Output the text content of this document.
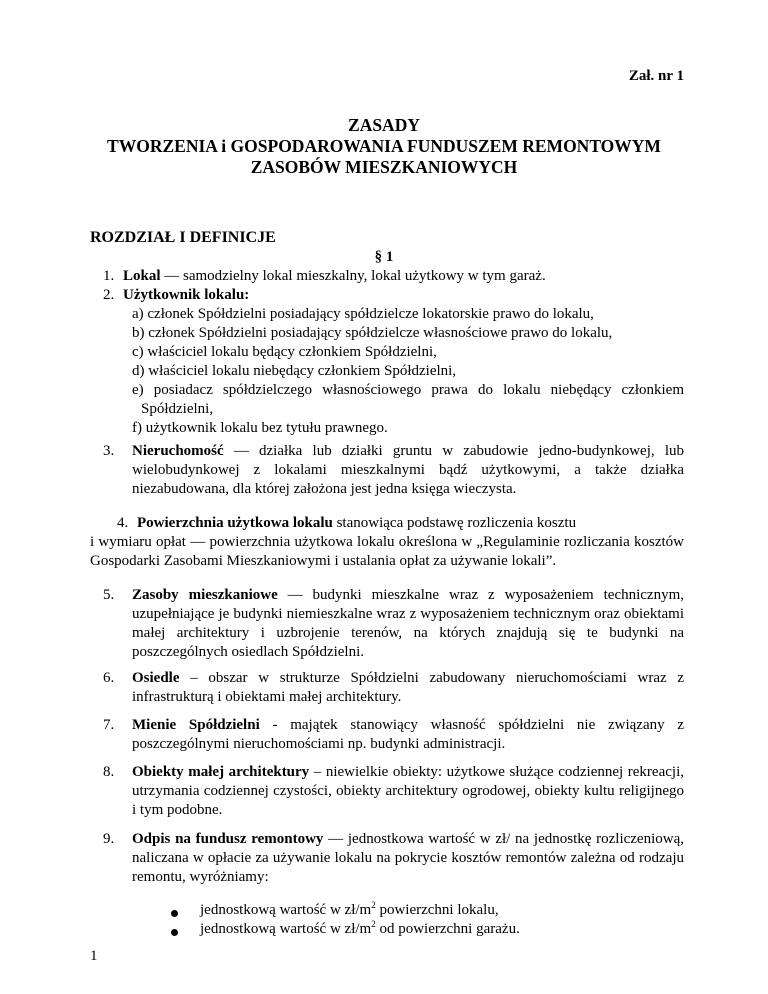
Zał. nr 1
ZASADY
TWORZENIA i GOSPODAROWANIA FUNDUSZEM REMONTOWYM
ZASOBÓW MIESZKANIOWYCH
ROZDZIAŁ I DEFINICJE
§ 1
1. Lokal — samodzielny lokal mieszkalny, lokal użytkowy w tym garaż.
2. Użytkownik lokalu:
a) członek Spółdzielni posiadający spółdzielcze lokatorskie prawo do lokalu,
b) członek Spółdzielni posiadający spółdzielcze własnościowe prawo do lokalu,
c) właściciel lokalu będący członkiem Spółdzielni,
d) właściciel lokalu niebędący członkiem Spółdzielni,
e) posiadacz spółdzielczego własnościowego prawa do lokalu niebędący członkiem
Spółdzielni,
f) użytkownik lokalu bez tytułu prawnego.
3. Nieruchomość — działka lub działki gruntu w zabudowie jedno-budynkowej, lub wielobudynkowej z lokalami mieszkalnymi bądź użytkowymi, a także działka niezabudowana, dla której założona jest jedna księga wieczysta.
4. Powierzchnia użytkowa lokalu stanowiąca podstawę rozliczenia kosztu
i wymiaru opłat — powierzchnia użytkowa lokalu określona w „Regulaminie rozliczania kosztów Gospodarki Zasobami Mieszkaniowymi i ustalania opłat za używanie lokali”.
5. Zasoby mieszkaniowe — budynki mieszkalne wraz z wyposażeniem technicznym, uzupełniające je budynki niemieszkalne wraz z wyposażeniem technicznym oraz obiektami małej architektury i uzbrojenie terenów, na których znajdują się te budynki na poszczególnych osiedlach Spółdzielni.
6. Osiedle – obszar w strukturze Spółdzielni zabudowany nieruchomościami wraz z infrastrukturą i obiektami małej architektury.
7. Mienie Spółdzielni - majątek stanowiący własność spółdzielni nie związany z poszczególnymi nieruchomościami np. budynki administracji.
8. Obiekty małej architektury – niewielkie obiekty: użytkowe służące codziennej rekreacji, utrzymania codziennej czystości, obiekty architektury ogrodowej, obiekty kultu religijnego i tym podobne.
9. Odpis na fundusz remontowy — jednostkowa wartość w zł/ na jednostkę rozliczeniową, naliczana w opłacie za używanie lokalu na pokrycie kosztów remontów zależna od rodzaju remontu, wyróżniamy:
jednostkową wartość w $zł/m^2$ powierzchni lokalu,
jednostkową wartość w $zł/m^2$ od powierzchni garażu.
1
